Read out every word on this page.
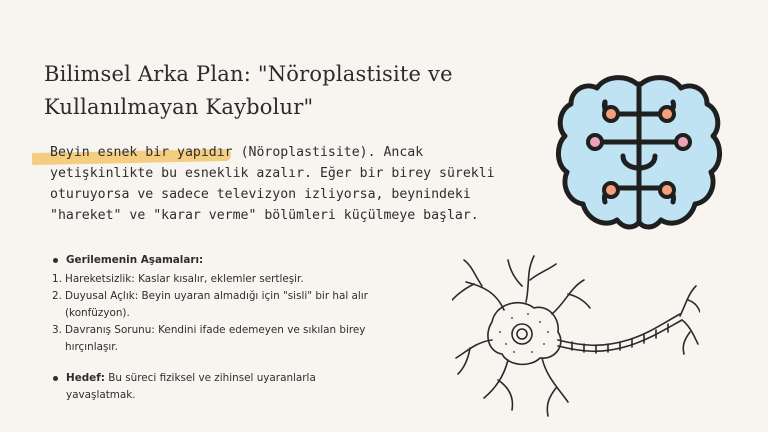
Bilimsel Arka Plan: "Nöroplastisite ve Kullanılmayan Kaybolur"

Beyin esnek bir yapıdır (Nöroplastisite). Ancak yetişkinlikte bu esneklik azalır. Eğer bir birey sürekli oturuyorsa ve sadece televizyon izliyorsa, beynindeki "hareket" ve "karar verme" bölümleri küçülmeye başlar.

Gerilemenin Aşamaları:
1. Hareketsizlik: Kaslar kısalır, eklemler sertleşir.
2. Duyusal Açlık: Beyin uyaran almadığı için "sisli" bir hal alır (konfüzyon).
3. Davranış Sorunu: Kendini ifade edemeyen ve sıkılan birey hırçınlaşır.
Hedef: Bu süreci fiziksel ve zihinsel uyaranlarla yavaşlatmak.
